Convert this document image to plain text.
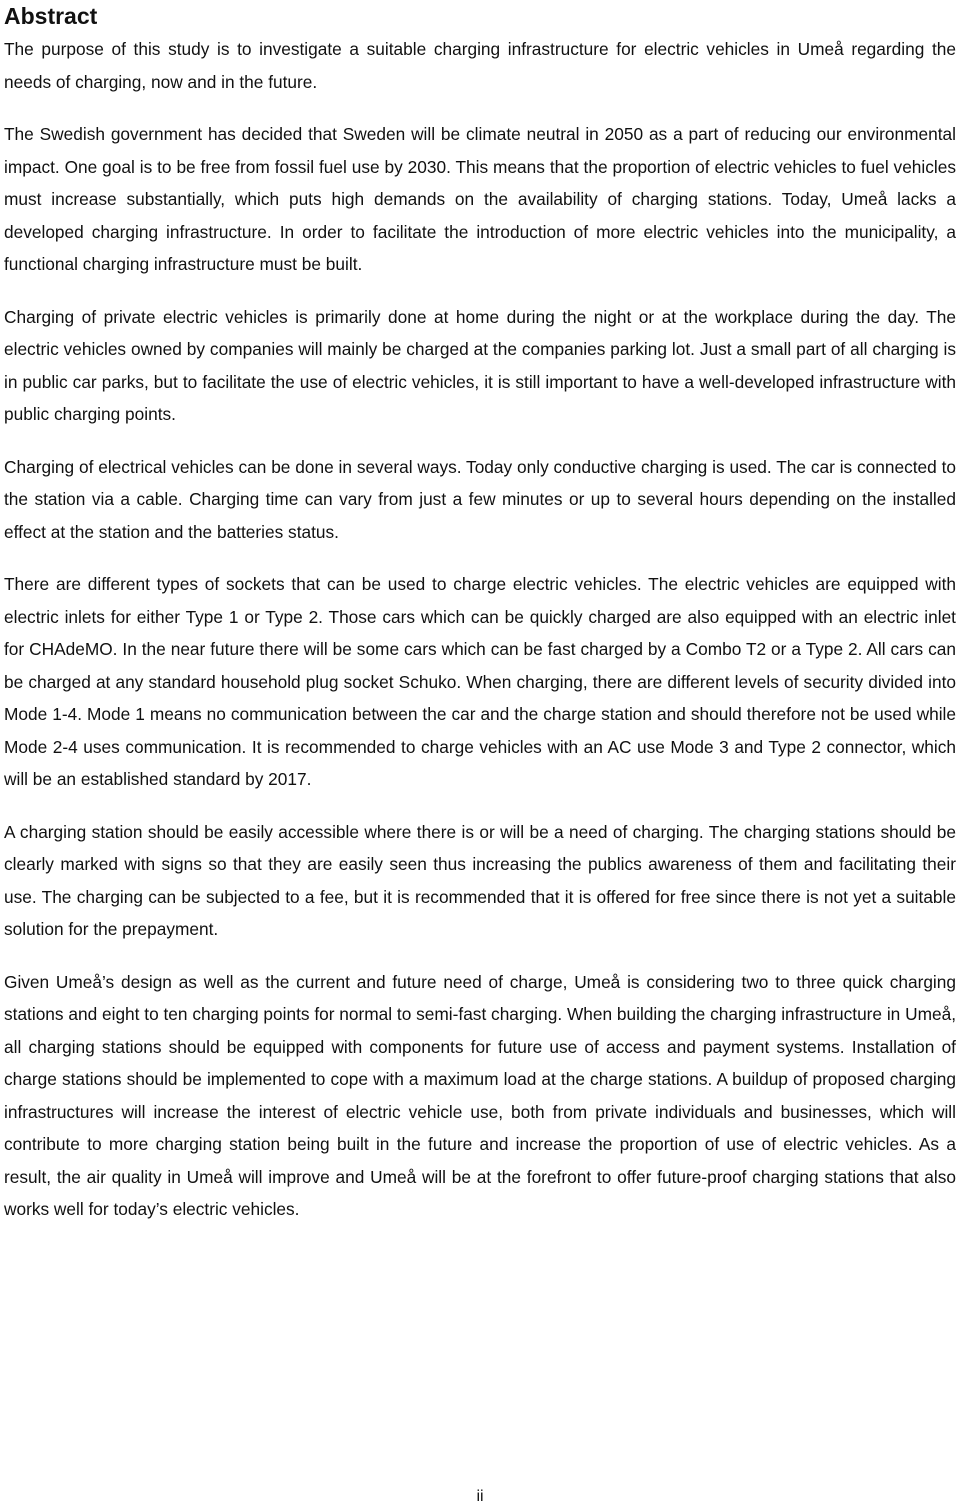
Abstract

The purpose of this study is to investigate a suitable charging infrastructure for electric vehicles in Umeå regarding the needs of charging, now and in the future.

The Swedish government has decided that Sweden will be climate neutral in 2050 as a part of reducing our environmental impact. One goal is to be free from fossil fuel use by 2030. This means that the proportion of electric vehicles to fuel vehicles must increase substantially, which puts high demands on the availability of charging stations. Today, Umeå lacks a developed charging infrastructure. In order to facilitate the introduction of more electric vehicles into the municipality, a functional charging infrastructure must be built.

Charging of private electric vehicles is primarily done at home during the night or at the workplace during the day. The electric vehicles owned by companies will mainly be charged at the companies parking lot. Just a small part of all charging is in public car parks, but to facilitate the use of electric vehicles, it is still important to have a well-developed infrastructure with public charging points.

Charging of electrical vehicles can be done in several ways. Today only conductive charging is used. The car is connected to the station via a cable. Charging time can vary from just a few minutes or up to several hours depending on the installed effect at the station and the batteries status.

There are different types of sockets that can be used to charge electric vehicles. The electric vehicles are equipped with electric inlets for either Type 1 or Type 2. Those cars which can be quickly charged are also equipped with an electric inlet for CHAdeMO. In the near future there will be some cars which can be fast charged by a Combo T2 or a Type 2. All cars can be charged at any standard household plug socket Schuko. When charging, there are different levels of security divided into Mode 1-4. Mode 1 means no communication between the car and the charge station and should therefore not be used while Mode 2-4 uses communication. It is recommended to charge vehicles with an AC use Mode 3 and Type 2 connector, which will be an established standard by 2017.

A charging station should be easily accessible where there is or will be a need of charging. The charging stations should be clearly marked with signs so that they are easily seen thus increasing the publics awareness of them and facilitating their use. The charging can be subjected to a fee, but it is recommended that it is offered for free since there is not yet a suitable solution for the prepayment.

Given Umeå’s design as well as the current and future need of charge, Umeå is considering two to three quick charging stations and eight to ten charging points for normal to semi-fast charging. When building the charging infrastructure in Umeå, all charging stations should be equipped with components for future use of access and payment systems. Installation of charge stations should be implemented to cope with a maximum load at the charge stations. A buildup of proposed charging infrastructures will increase the interest of electric vehicle use, both from private individuals and businesses, which will contribute to more charging station being built in the future and increase the proportion of use of electric vehicles. As a result, the air quality in Umeå will improve and Umeå will be at the forefront to offer future-proof charging stations that also works well for today’s electric vehicles.

ii
